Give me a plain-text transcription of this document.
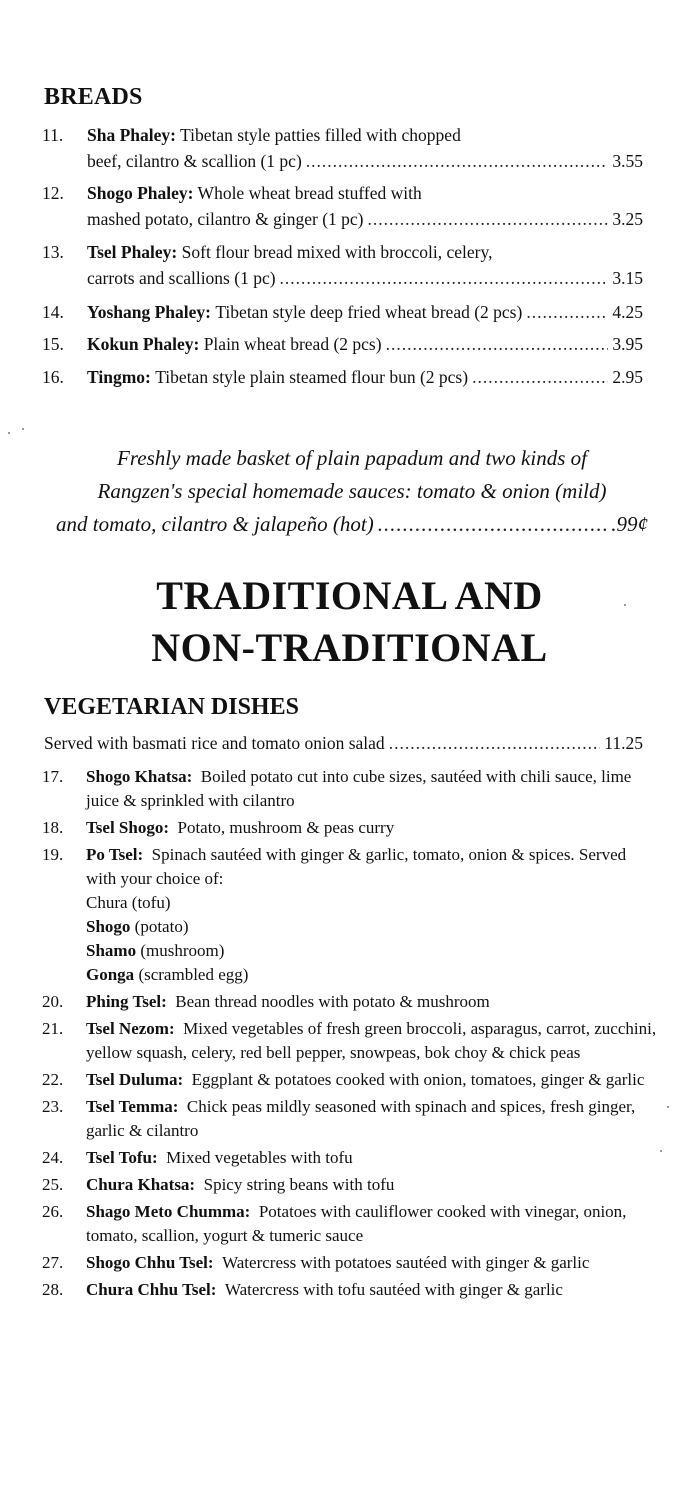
BREADS
11.	Sha Phaley: Tibetan style patties filled with chopped
beef, cilantro & scallion (1 pc) .....	3.55
12.	Shogo Phaley: Whole wheat bread stuffed with
mashed potato, cilantro & ginger (1 pc) .....	3.25
13.	Tsel Phaley: Soft flour bread mixed with broccoli, celery,
carrots and scallions (1 pc) .....	3.15
14.	Yoshang Phaley:
Tibetan style deep fried wheat bread (2 pcs) .....	4.25
15.	Kokun Phaley:
Plain wheat bread (2 pcs) .....	3.95
16.	Tingmo:
Tibetan style plain steamed flour bun (2 pcs) .....	2.95
Freshly made basket of plain papadum and two kinds of
Rangzen's special homemade sauces: tomato & onion (mild)
and tomato, cilantro & jalapeño (hot) .....	.99¢
TRADITIONAL AND
NON-TRADITIONAL
VEGETARIAN DISHES
Served with basmati rice and tomato onion salad .....	11.25
17.	Shogo Khatsa: Boiled potato cut into cube sizes, sautéed with chili sauce, lime juice & sprinkled with cilantro
18.	Tsel Shogo: Potato, mushroom & peas curry
19.	Po Tsel: Spinach sautéed with ginger & garlic, tomato, onion & spices. Served with your choice of:
Chura (tofu)
Shogo (potato)
Shamo (mushroom)
Gonga (scrambled egg)
20.	Phing Tsel: Bean thread noodles with potato & mushroom
21.	Tsel Nezom: Mixed vegetables of fresh green broccoli, asparagus, carrot, zucchini, yellow squash, celery, red bell pepper, snowpeas, bok choy & chick peas
22.	Tsel Duluma: Eggplant & potatoes cooked with onion, tomatoes, ginger & garlic
23.	Tsel Temma: Chick peas mildly seasoned with spinach and spices, fresh ginger, garlic & cilantro
24.	Tsel Tofu: Mixed vegetables with tofu
25.	Chura Khatsa: Spicy string beans with tofu
26.	Shago Meto Chumma: Potatoes with cauliflower cooked with vinegar, onion, tomato, scallion, yogurt & tumeric sauce
27.	Shogo Chhu Tsel: Watercress with potatoes sautéed with ginger & garlic
28.	Chura Chhu Tsel: Watercress with tofu sautéed with ginger & garlic
